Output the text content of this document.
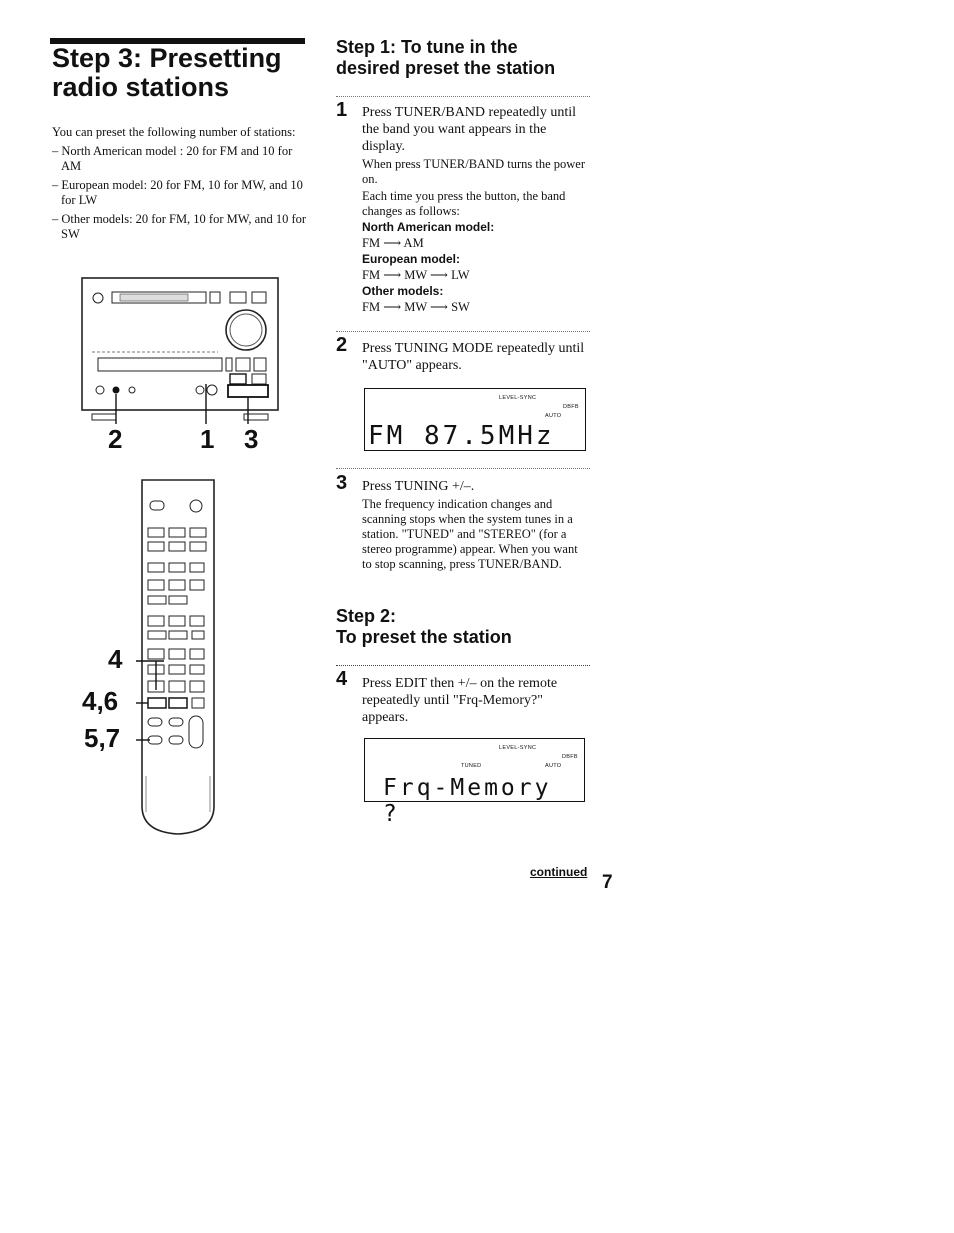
Step 3: Presetting
radio stations
You can preset the following number of stations:
– North American model : 20 for FM and 10 for AM
– European model: 20 for FM, 10 for MW, and 10 for LW
– Other models: 20 for FM, 10 for MW, and 10 for SW
2	1 3
4
4,6
5,7
Step 1: To tune in the
desired preset the station
1 Press TUNER/BAND repeatedly until the band you want appears in the display.
When press TUNER/BAND turns the power on.
Each time you press the button, the band changes as follows:
North American model:
FM ⟶ AM
European model:
FM ⟶ MW ⟶ LW
Other models:
FM ⟶ MW ⟶ SW
2 Press TUNING MODE repeatedly until "AUTO" appears.
LEVEL-SYNC
DBFB
AUTO
FM 87.5MHz
3 Press TUNING +/–.
The frequency indication changes and scanning stops when the system tunes in a station. "TUNED" and "STEREO" (for a stereo programme) appear. When you want to stop scanning, press TUNER/BAND.
Step 2:
To preset the station
4 Press EDIT then +/– on the remote repeatedly until "Frq-Memory?" appears.
LEVEL-SYNC
DBFB
TUNED	AUTO
Frq-Memory ?
continued 7
